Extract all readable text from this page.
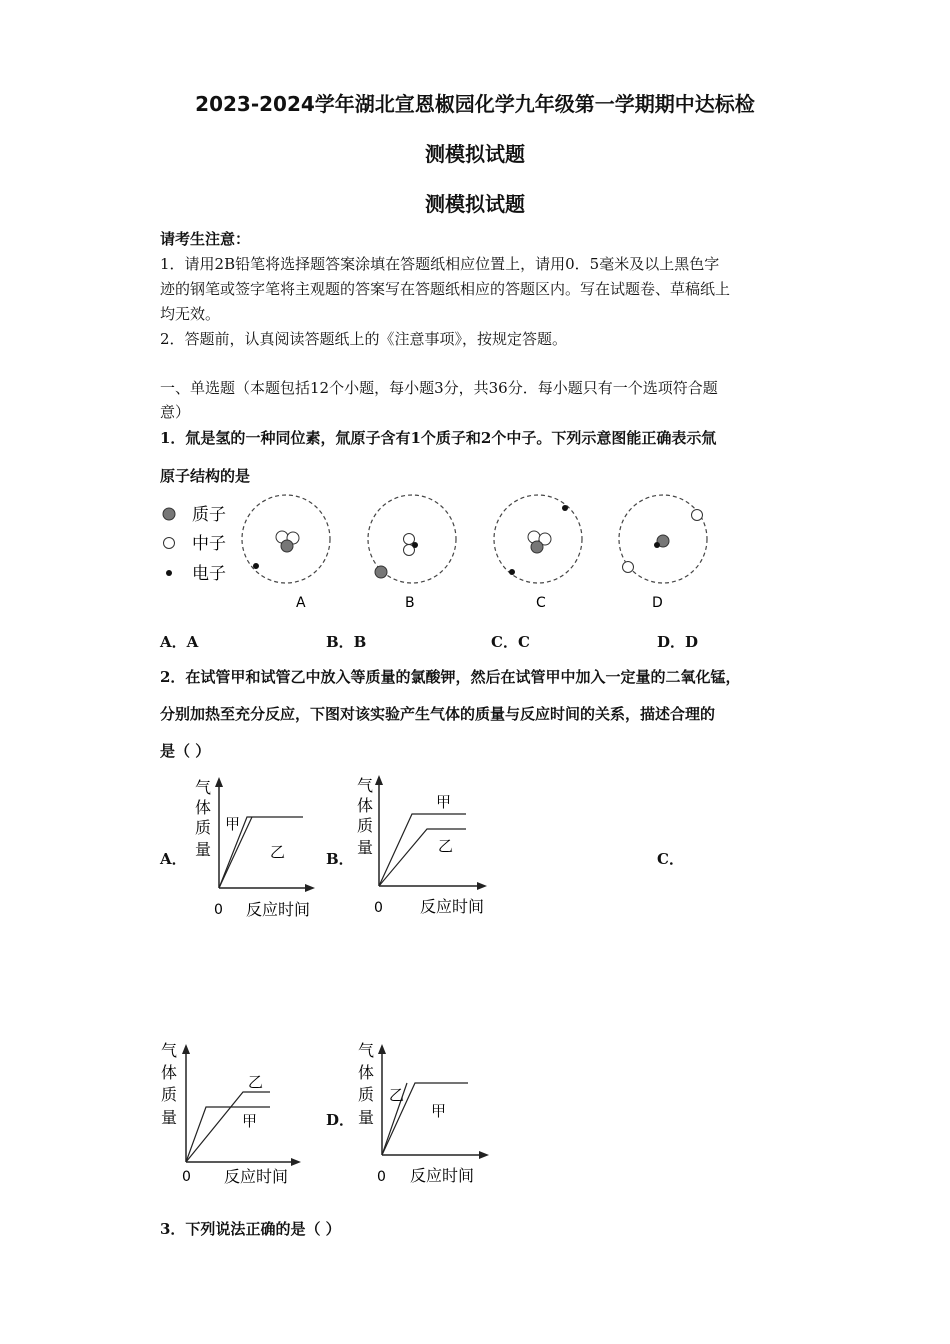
2023-2024学年湖北宣恩椒园化学九年级第一学期期中达标检
测模拟试题
测模拟试题
请考生注意：
1．请用2B铅笔将选择题答案涂填在答题纸相应位置上，请用0．5毫米及以上黑色字
迹的钢笔或签字笔将主观题的答案写在答题纸相应的答题区内。写在试题卷、草稿纸上
均无效。
2．答题前，认真阅读答题纸上的《注意事项》，按规定答题。
一、单选题（本题包括12个小题，每小题3分，共36分．每小题只有一个选项符合题
意）
1．氚是氢的一种同位素，氚原子含有1个质子和2个中子。下列示意图能正确表示氚
原子结构的是
质子
中子
电子
A	B	C	D
A．A	B．B	C．C	D．D
2．在试管甲和试管乙中放入等质量的氯酸钾，然后在试管甲中加入一定量的二氧化锰，
分别加热至充分反应，下图对该实验产生气体的质量与反应时间的关系，描述合理的
是（ ）
A．	B．	C．
D．
气
体
质
量
甲
乙
0 反应时间
气
体
质
量
甲
乙
0 反应时间
气
体
质
量
乙
甲
0 反应时间
气
体
质
量
乙
甲
0 反应时间
3．下列说法正确的是（ ）
